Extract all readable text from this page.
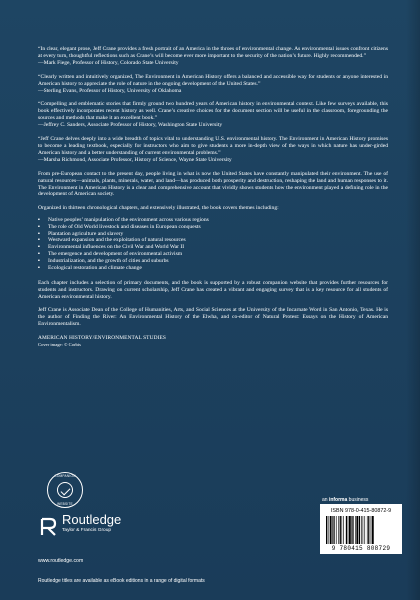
“In clear, elegant prose, Jeff Crane provides a fresh portrait of an America in the throes of environmental change. As environmental issues confront citizens at every turn, thoughtful reflections such as Crane’s will become ever more important to the security of the nation’s future. Highly recommended.”

—Mark Fiege, Professor of History, Colorado State University

“Clearly written and intuitively organized, The Environment in American History offers a balanced and accessible way for students or anyone interested in American history to appreciate the role of nature in the ongoing development of the United States.”

—Sterling Evans, Professor of History, University of Oklahoma

“Compelling and emblematic stories that firmly ground two hundred years of American history in environmental context. Like few surveys available, this book effectively incorporates recent history as well. Crane’s creative choices for the document section will be useful in the classroom, foregrounding the sources and methods that make it an excellent book.”

—Jeffrey C. Sanders, Associate Professor of History, Washington State University

“Jeff Crane delves deeply into a wide breadth of topics vital to understanding U.S. environmental history. The Environment in American History promises to become a leading textbook, especially for instructors who aim to give students a more in-depth view of the ways in which nature has under-girded American history and a better understanding of current environmental problems.”

—Marsha Richmond, Associate Professor, History of Science, Wayne State University

From pre-European contact to the present day, people living in what is now the United States have constantly manipulated their environment. The use of natural resources—animals, plants, minerals, water, and land—has produced both prosperity and destruction, reshaping the land and human responses to it. The Environment in American History is a clear and comprehensive account that vividly shows students how the environment played a defining role in the development of American society.

Organized in thirteen chronological chapters, and extensively illustrated, the book covers themes including:

▪ Native peoples’ manipulation of the environment across various regions
▪ The role of Old World livestock and diseases in European conquests
▪ Plantation agriculture and slavery
▪ Westward expansion and the exploitation of natural resources
▪ Environmental influences on the Civil War and World War II
▪ The emergence and development of environmental activism
▪ Industrialization, and the growth of cities and suburbs
▪ Ecological restoration and climate change

Each chapter includes a selection of primary documents, and the book is supported by a robust companion website that provides further resources for students and instructors. Drawing on current scholarship, Jeff Crane has created a vibrant and engaging survey that is a key resource for all students of American environmental history.

Jeff Crane is Associate Dean of the College of Humanities, Arts, and Social Sciences at the University of the Incarnate Word in San Antonio, Texas. He is the author of Finding the River: An Environmental History of the Elwha, and co-editor of Natural Protest: Essays on the History of American Environmentalism.

AMERICAN HISTORY/ENVIRONMENTAL STUDIES

Cover image: © Corbis

COMPANION
WEBSITE
Routledge
Taylor & Francis Group
www.routledge.com
Routledge titles are available as eBook editions in a range of digital formats
an informa business
ISBN 978-0-415-80872-9
9 780415 808729
